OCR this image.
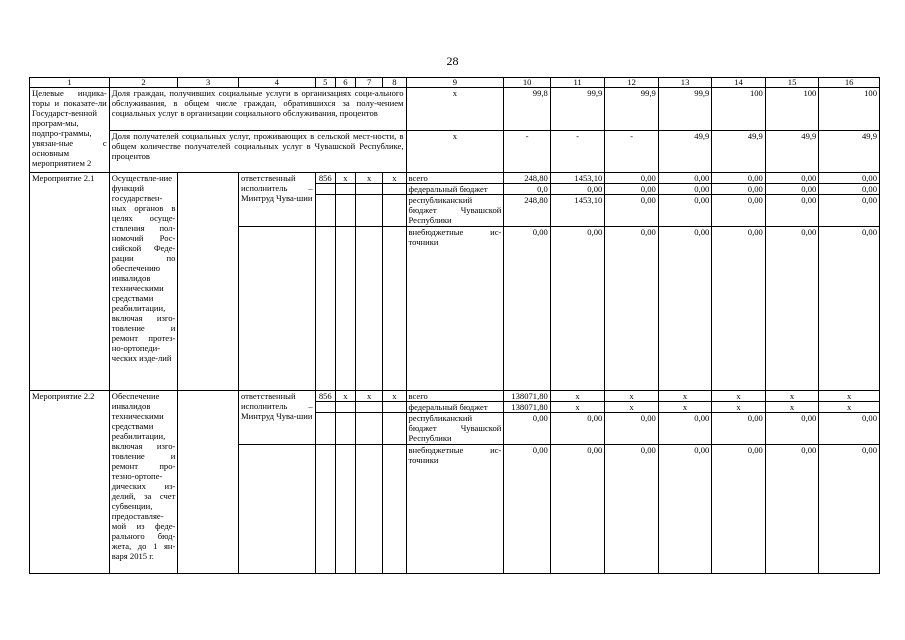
28
1	2	3	4	5	6	7	8	9	10	11	12	13	14	15	16
Целевые индика-торы и показате-ли Государст-венной програм-мы, подпро-граммы, увязан-ные с основным мероприятием 2	Доля граждан, получивших социальные услуги в организациях соци-ального обслуживания, в общем числе граждан, обратившихся за полу-чением социальных услуг в организации социального обслуживания, процентов							x	99,8	99,9	99,9	99,9	100	100	100
	Доля получателей социальных услуг, проживающих в сельской мест-ности, в общем количестве получателей социальных услуг в Чувашской Республике, процентов							x	-	-	-	49,9	49,9	49,9	49,9
Мероприятие 2.1	Осуществле-ние функций государствен-ных органов в целях осуще-ствления пол-номочий Рос-сийской Феде-рации по обеспечению инвалидов техническими средствами реабилитации, включая изго-товление и ремонт протез-но-ортопеди-ческих изде-лий		ответственный исполнитель – Минтруд Чува-шии	856	x	x	x	всего	248,80	1453,10	0,00	0,00	0,00	0,00	0,00
								федеральный бюджет	0,0	0,00	0,00	0,00	0,00	0,00	0,00
								республиканский бюджет Чувашской Республики	248,80	1453,10	0,00	0,00	0,00	0,00	0,00
								внебюджетные ис-точники	0,00	0,00	0,00	0,00	0,00	0,00	0,00
Мероприятие 2.2	Обеспечение инвалидов техническими средствами реабилитации, включая изго-товление и ремонт про-тезно-ортопе-дических из-делий, за счет субвенции, предоставляе-мой из феде-рального бюд-жета, до 1 ян-варя 2015 г.		ответственный исполнитель – Минтруд Чува-шии	856	x	x	x	всего	138071,80	x	x	x	x	x	x
								федеральный бюджет	138071,80	x	x	x	x	x	x
								республиканский бюджет Чувашской Республики	0,00	0,00	0,00	0,00	0,00	0,00	0,00
								внебюджетные ис-точники	0,00	0,00	0,00	0,00	0,00	0,00	0,00
